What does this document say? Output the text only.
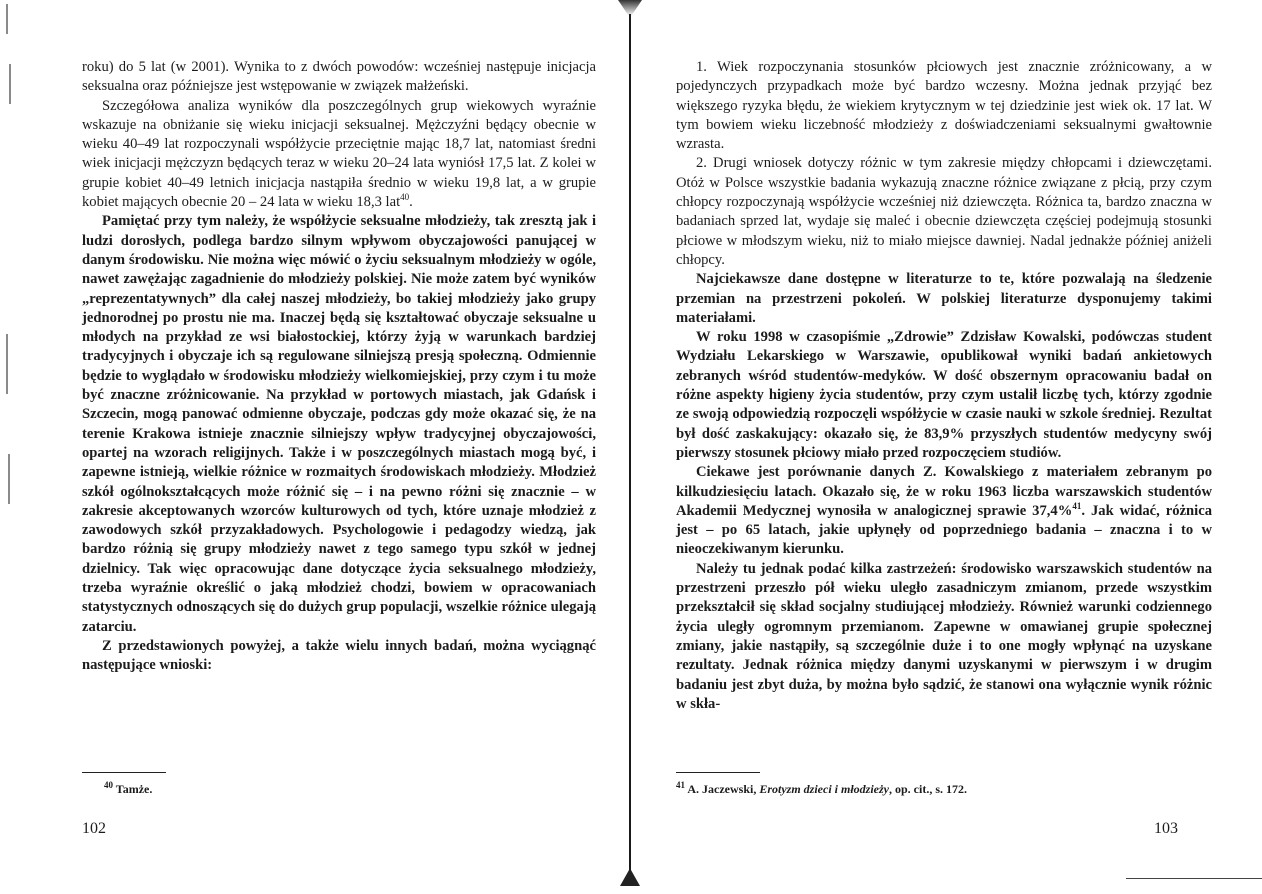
roku) do 5 lat (w 2001). Wynika to z dwóch powodów: wcześniej następuje inicjacja seksualna oraz późniejsze jest wstępowanie w związek małżeński.

Szczegółowa analiza wyników dla poszczególnych grup wiekowych wyraźnie wskazuje na obniżanie się wieku inicjacji seksualnej. Mężczyźni będący obecnie w wieku 40–49 lat rozpoczynali współżycie przeciętnie mając 18,7 lat, natomiast średni wiek inicjacji mężczyzn będących teraz w wieku 20–24 lata wyniósł 17,5 lat. Z kolei w grupie kobiet 40–49 letnich inicjacja nastąpiła średnio w wieku 19,8 lat, a w grupie kobiet mających obecnie 20 – 24 lata w wieku 18,3 lat$^{40}$.

Pamiętać przy tym należy, że współżycie seksualne młodzieży, tak zresztą jak i ludzi dorosłych, podlega bardzo silnym wpływom obyczajowości panującej w danym środowisku. Nie można więc mówić o życiu seksualnym młodzieży w ogóle, nawet zawężając zagadnienie do młodzieży polskiej. Nie może zatem być wyników „reprezentatywnych” dla całej naszej młodzieży, bo takiej młodzieży jako grupy jednorodnej po prostu nie ma. Inaczej będą się kształtować obyczaje seksualne u młodych na przykład ze wsi białostockiej, którzy żyją w warunkach bardziej tradycyjnych i obyczaje ich są regulowane silniejszą presją społeczną. Odmiennie będzie to wyglądało w środowisku młodzieży wielkomiejskiej, przy czym i tu może być znaczne zróżnicowanie. Na przykład w portowych miastach, jak Gdańsk i Szczecin, mogą panować odmienne obyczaje, podczas gdy może okazać się, że na terenie Krakowa istnieje znacznie silniejszy wpływ tradycyjnej obyczajowości, opartej na wzorach religijnych. Także i w poszczególnych miastach mogą być, i zapewne istnieją, wielkie różnice w rozmaitych środowiskach młodzieży. Młodzież szkół ogólnokształcących może różnić się – i na pewno różni się znacznie – w zakresie akceptowanych wzorców kulturowych od tych, które uznaje młodzież z zawodowych szkół przyzakładowych. Psychologowie i pedagodzy wiedzą, jak bardzo różnią się grupy młodzieży nawet z tego samego typu szkół w jednej dzielnicy. Tak więc opracowując dane dotyczące życia seksualnego młodzieży, trzeba wyraźnie określić o jaką młodzież chodzi, bowiem w opracowaniach statystycznych odnoszących się do dużych grup populacji, wszelkie różnice ulegają zatarciu.

Z przedstawionych powyżej, a także wielu innych badań, można wyciągnąć następujące wnioski:

$^{40}$ Tamże.
102

1. Wiek rozpoczynania stosunków płciowych jest znacznie zróżnicowany, a w pojedynczych przypadkach może być bardzo wczesny. Można jednak przyjąć bez większego ryzyka błędu, że wiekiem krytycznym w tej dziedzinie jest wiek ok. 17 lat. W tym bowiem wieku liczebność młodzieży z doświadczeniami seksualnymi gwałtownie wzrasta.

2. Drugi wniosek dotyczy różnic w tym zakresie między chłopcami i dziewczętami. Otóż w Polsce wszystkie badania wykazują znaczne różnice związane z płcią, przy czym chłopcy rozpoczynają współżycie wcześniej niż dziewczęta. Różnica ta, bardzo znaczna w badaniach sprzed lat, wydaje się maleć i obecnie dziewczęta częściej podejmują stosunki płciowe w młodszym wieku, niż to miało miejsce dawniej. Nadal jednakże później aniżeli chłopcy.

Najciekawsze dane dostępne w literaturze to te, które pozwalają na śledzenie przemian na przestrzeni pokoleń. W polskiej literaturze dysponujemy takimi materiałami.

W roku 1998 w czasopiśmie „Zdrowie” Zdzisław Kowalski, podówczas student Wydziału Lekarskiego w Warszawie, opublikował wyniki badań ankietowych zebranych wśród studentów-medyków. W dość obszernym opracowaniu badał on różne aspekty higieny życia studentów, przy czym ustalił liczbę tych, którzy zgodnie ze swoją odpowiedzią rozpoczęli współżycie w czasie nauki w szkole średniej. Rezultat był dość zaskakujący: okazało się, że 83,9% przyszłych studentów medycyny swój pierwszy stosunek płciowy miało przed rozpoczęciem studiów.

Ciekawe jest porównanie danych Z. Kowalskiego z materiałem zebranym po kilkudziesięciu latach. Okazało się, że w roku 1963 liczba warszawskich studentów Akademii Medycznej wynosiła w analogicznej sprawie 37,4%$^{41}$. Jak widać, różnica jest – po 65 latach, jakie upłynęły od poprzedniego badania – znaczna i to w nieoczekiwanym kierunku.

Należy tu jednak podać kilka zastrzeżeń: środowisko warszawskich studentów na przestrzeni przeszło pół wieku uległo zasadniczym zmianom, przede wszystkim przekształcił się skład socjalny studiującej młodzieży. Również warunki codziennego życia uległy ogromnym przemianom. Zapewne w omawianej grupie społecznej zmiany, jakie nastąpiły, są szczególnie duże i to one mogły wpłynąć na uzyskane rezultaty. Jednak różnica między danymi uzyskanymi w pierwszym i w drugim badaniu jest zbyt duża, by można było sądzić, że stanowi ona wyłącznie wynik różnic w skła-

$^{41}$ A. Jaczewski, Erotyzm dzieci i młodzieży, op. cit., s. 172.
103
